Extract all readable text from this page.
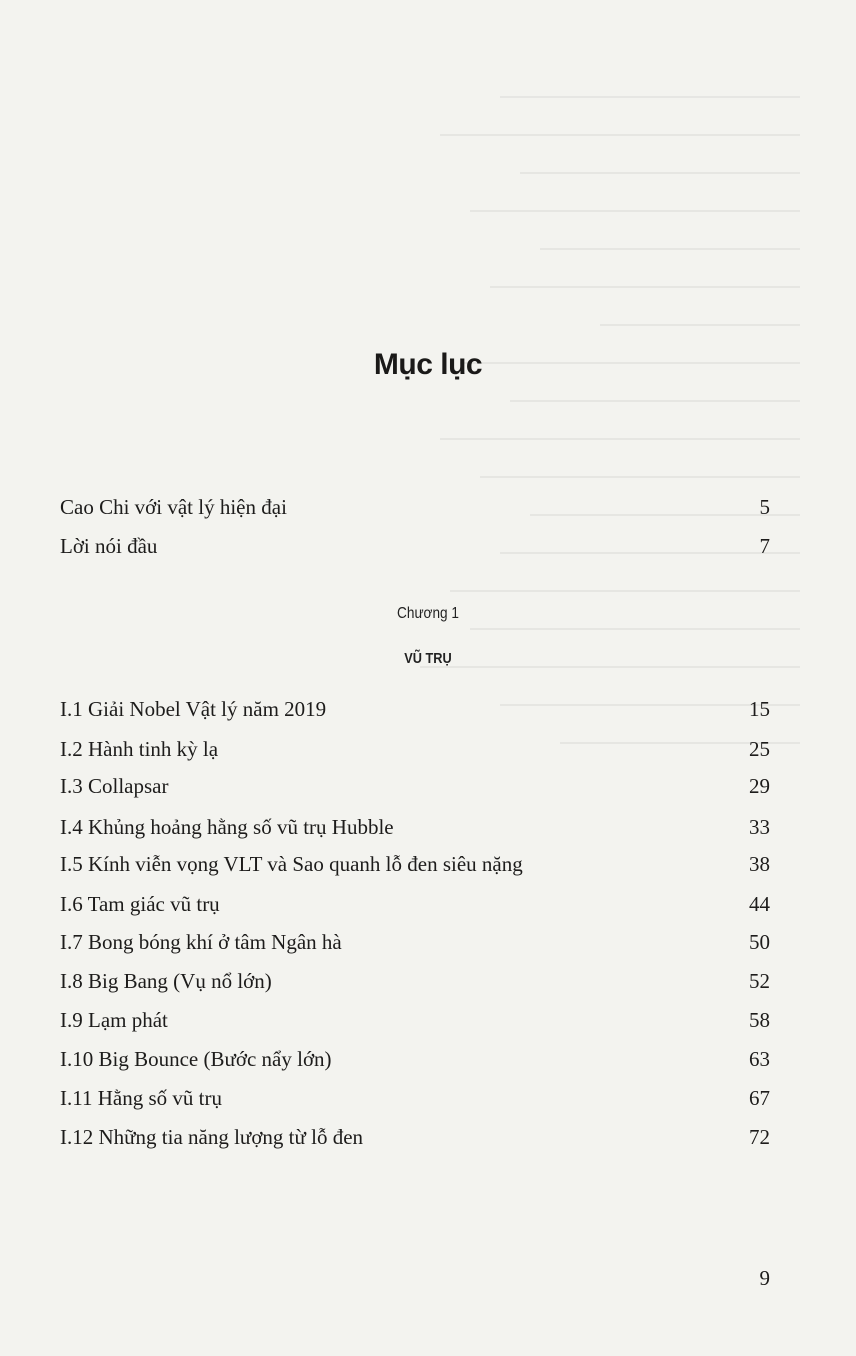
Mục lục
Cao Chi với vật lý hiện đại	5
Lời nói đầu	7
Chương 1
VŨ TRỤ
I.1 Giải Nobel Vật lý năm 2019	15
I.2 Hành tinh kỳ lạ	25
I.3 Collapsar	29
I.4 Khủng hoảng hằng số vũ trụ Hubble	33
I.5 Kính viễn vọng VLT và Sao quanh lỗ đen siêu nặng	38
I.6 Tam giác vũ trụ	44
I.7 Bong bóng khí ở tâm Ngân hà	50
I.8 Big Bang (Vụ nổ lớn)	52
I.9 Lạm phát	58
I.10 Big Bounce (Bước nẩy lớn)	63
I.11 Hằng số vũ trụ	67
I.12 Những tia năng lượng từ lỗ đen	72
9
